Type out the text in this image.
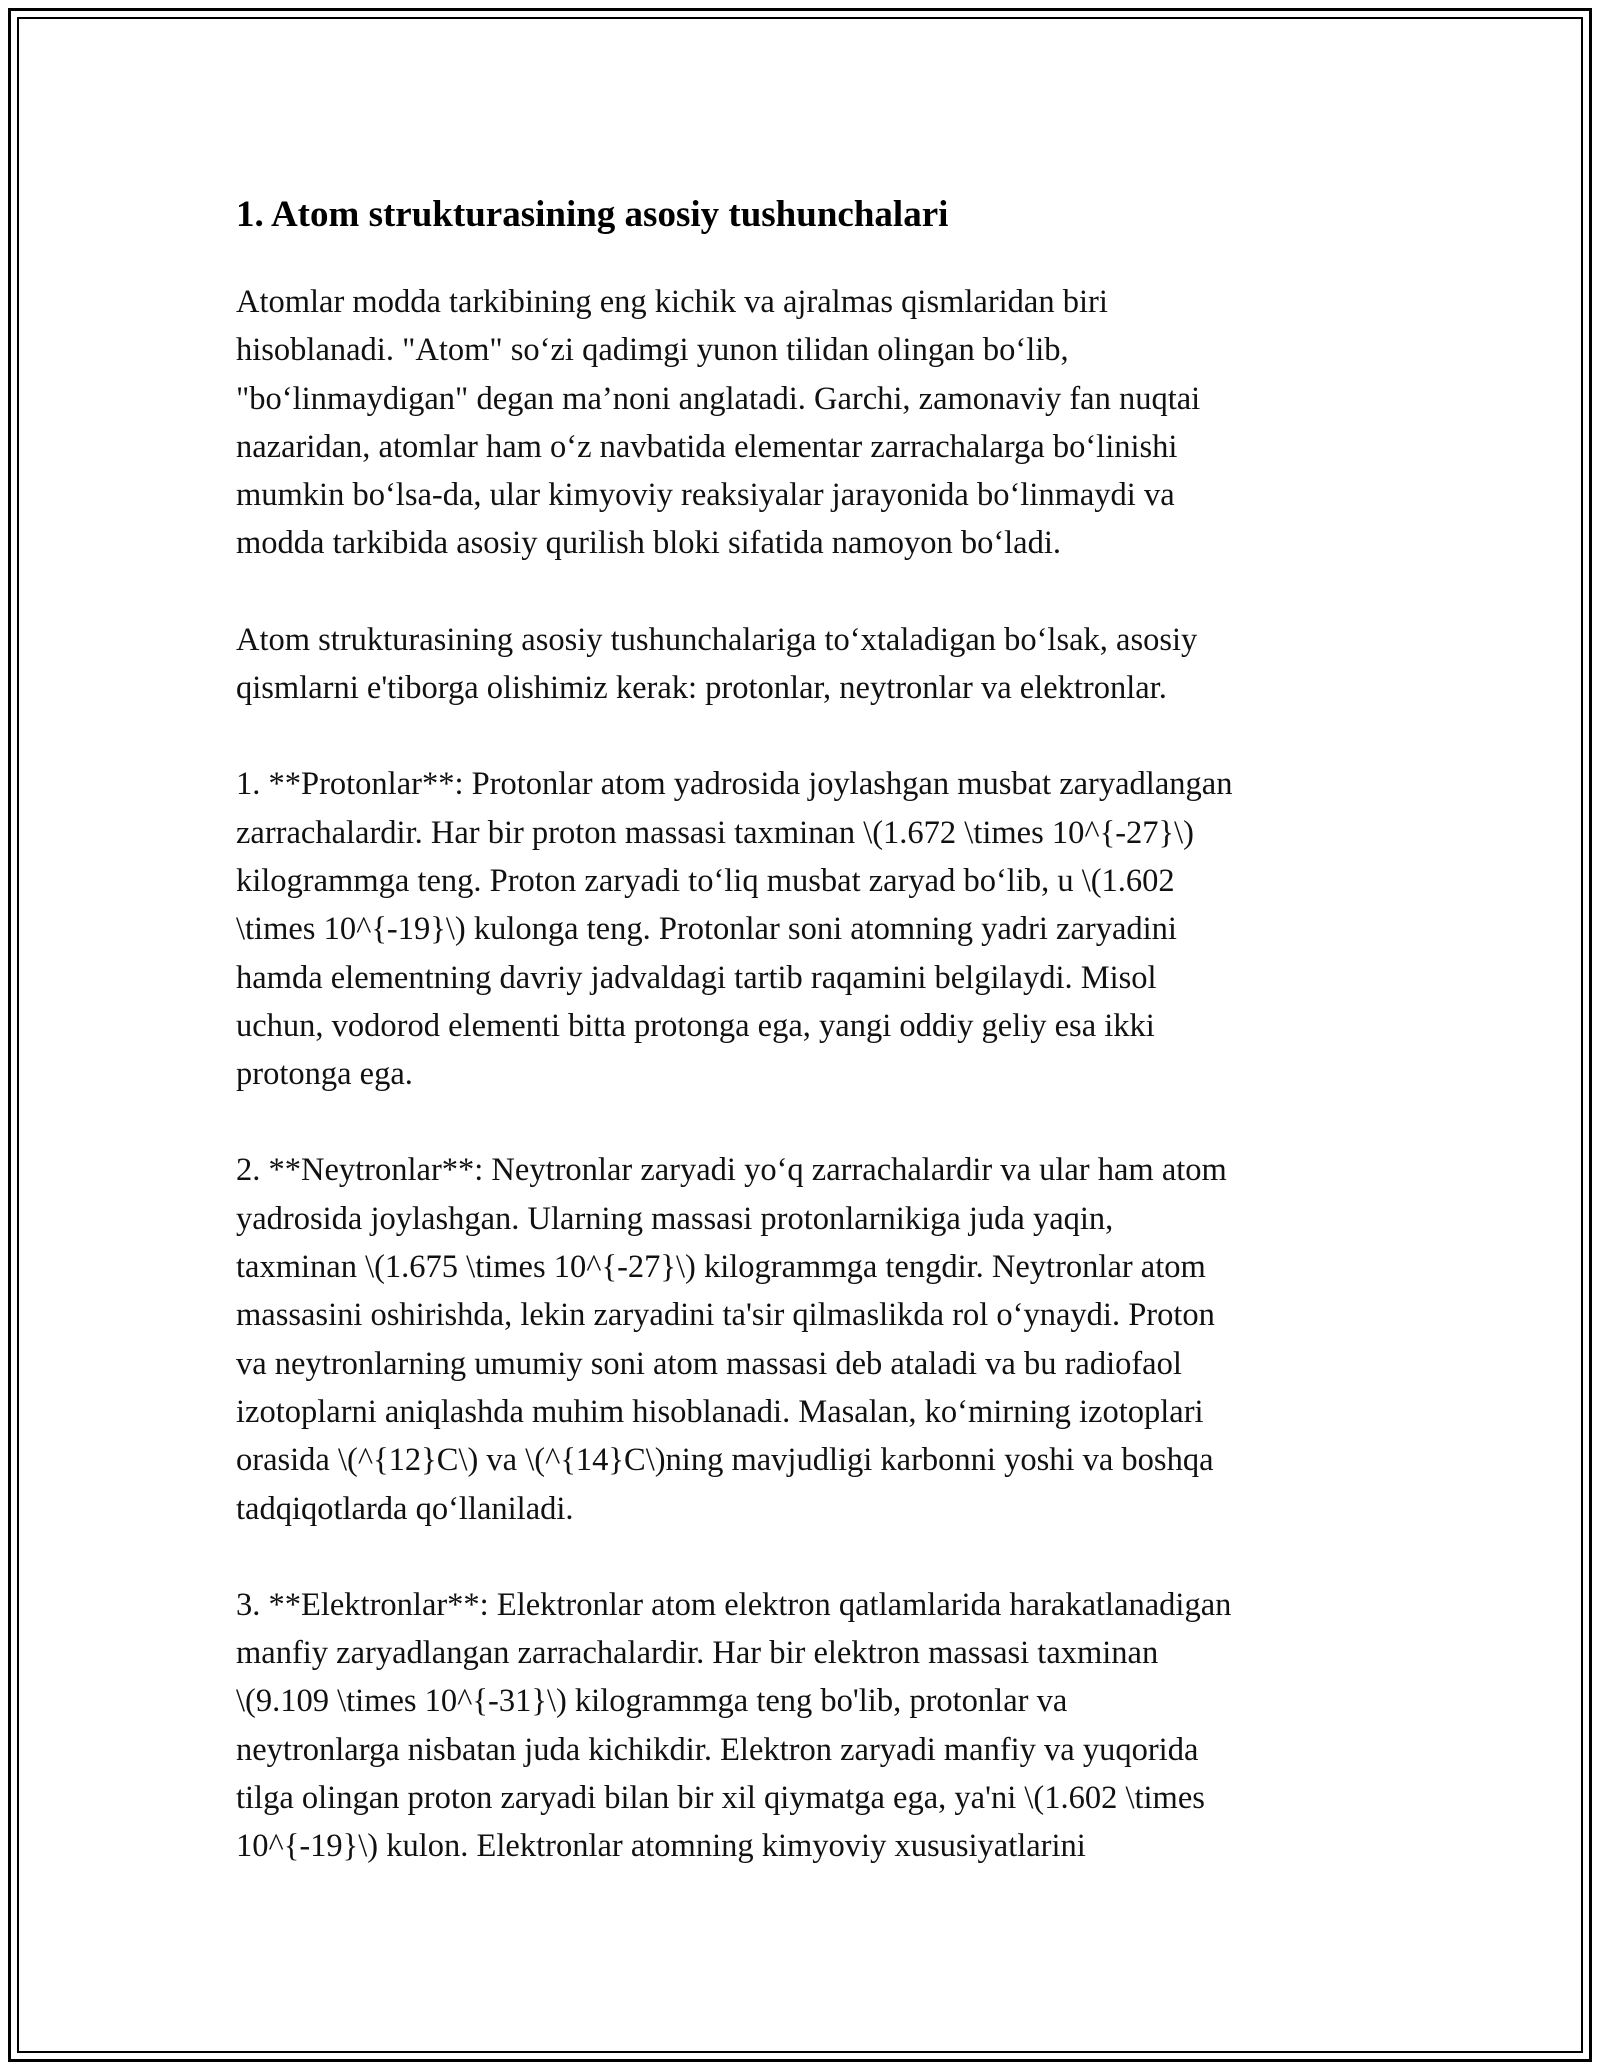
1. Atom strukturasining asosiy tushunchalari

Atomlar modda tarkibining eng kichik va ajralmas qismlaridan biri
hisoblanadi. "Atom" so‘zi qadimgi yunon tilidan olingan bo‘lib,
"bo‘linmaydigan" degan ma’noni anglatadi. Garchi, zamonaviy fan nuqtai
nazaridan, atomlar ham o‘z navbatida elementar zarrachalarga bo‘linishi
mumkin bo‘lsa-da, ular kimyoviy reaksiyalar jarayonida bo‘linmaydi va
modda tarkibida asosiy qurilish bloki sifatida namoyon bo‘ladi.

Atom strukturasining asosiy tushunchalariga to‘xtaladigan bo‘lsak, asosiy
qismlarni e'tiborga olishimiz kerak: protonlar, neytronlar va elektronlar.

1. **Protonlar**: Protonlar atom yadrosida joylashgan musbat zaryadlangan
zarrachalardir. Har bir proton massasi taxminan \(1.672 \times 10^{-27}\)
kilogrammga teng. Proton zaryadi to‘liq musbat zaryad bo‘lib, u \(1.602
\times 10^{-19}\) kulonga teng. Protonlar soni atomning yadri zaryadini
hamda elementning davriy jadvaldagi tartib raqamini belgilaydi. Misol
uchun, vodorod elementi bitta protonga ega, yangi oddiy geliy esa ikki
protonga ega.

2. **Neytronlar**: Neytronlar zaryadi yo‘q zarrachalardir va ular ham atom
yadrosida joylashgan. Ularning massasi protonlarnikiga juda yaqin,
taxminan \(1.675 \times 10^{-27}\) kilogrammga tengdir. Neytronlar atom
massasini oshirishda, lekin zaryadini ta'sir qilmaslikda rol o‘ynaydi. Proton
va neytronlarning umumiy soni atom massasi deb ataladi va bu radiofaol
izotoplarni aniqlashda muhim hisoblanadi. Masalan, ko‘mirning izotoplari
orasida \(^{12}C\) va \(^{14}C\)ning mavjudligi karbonni yoshi va boshqa
tadqiqotlarda qo‘llaniladi.

3. **Elektronlar**: Elektronlar atom elektron qatlamlarida harakatlanadigan
manfiy zaryadlangan zarrachalardir. Har bir elektron massasi taxminan
\(9.109 \times 10^{-31}\) kilogrammga teng bo'lib, protonlar va
neytronlarga nisbatan juda kichikdir. Elektron zaryadi manfiy va yuqorida
tilga olingan proton zaryadi bilan bir xil qiymatga ega, ya'ni \(1.602 \times
10^{-19}\) kulon. Elektronlar atomning kimyoviy xususiyatlarini
